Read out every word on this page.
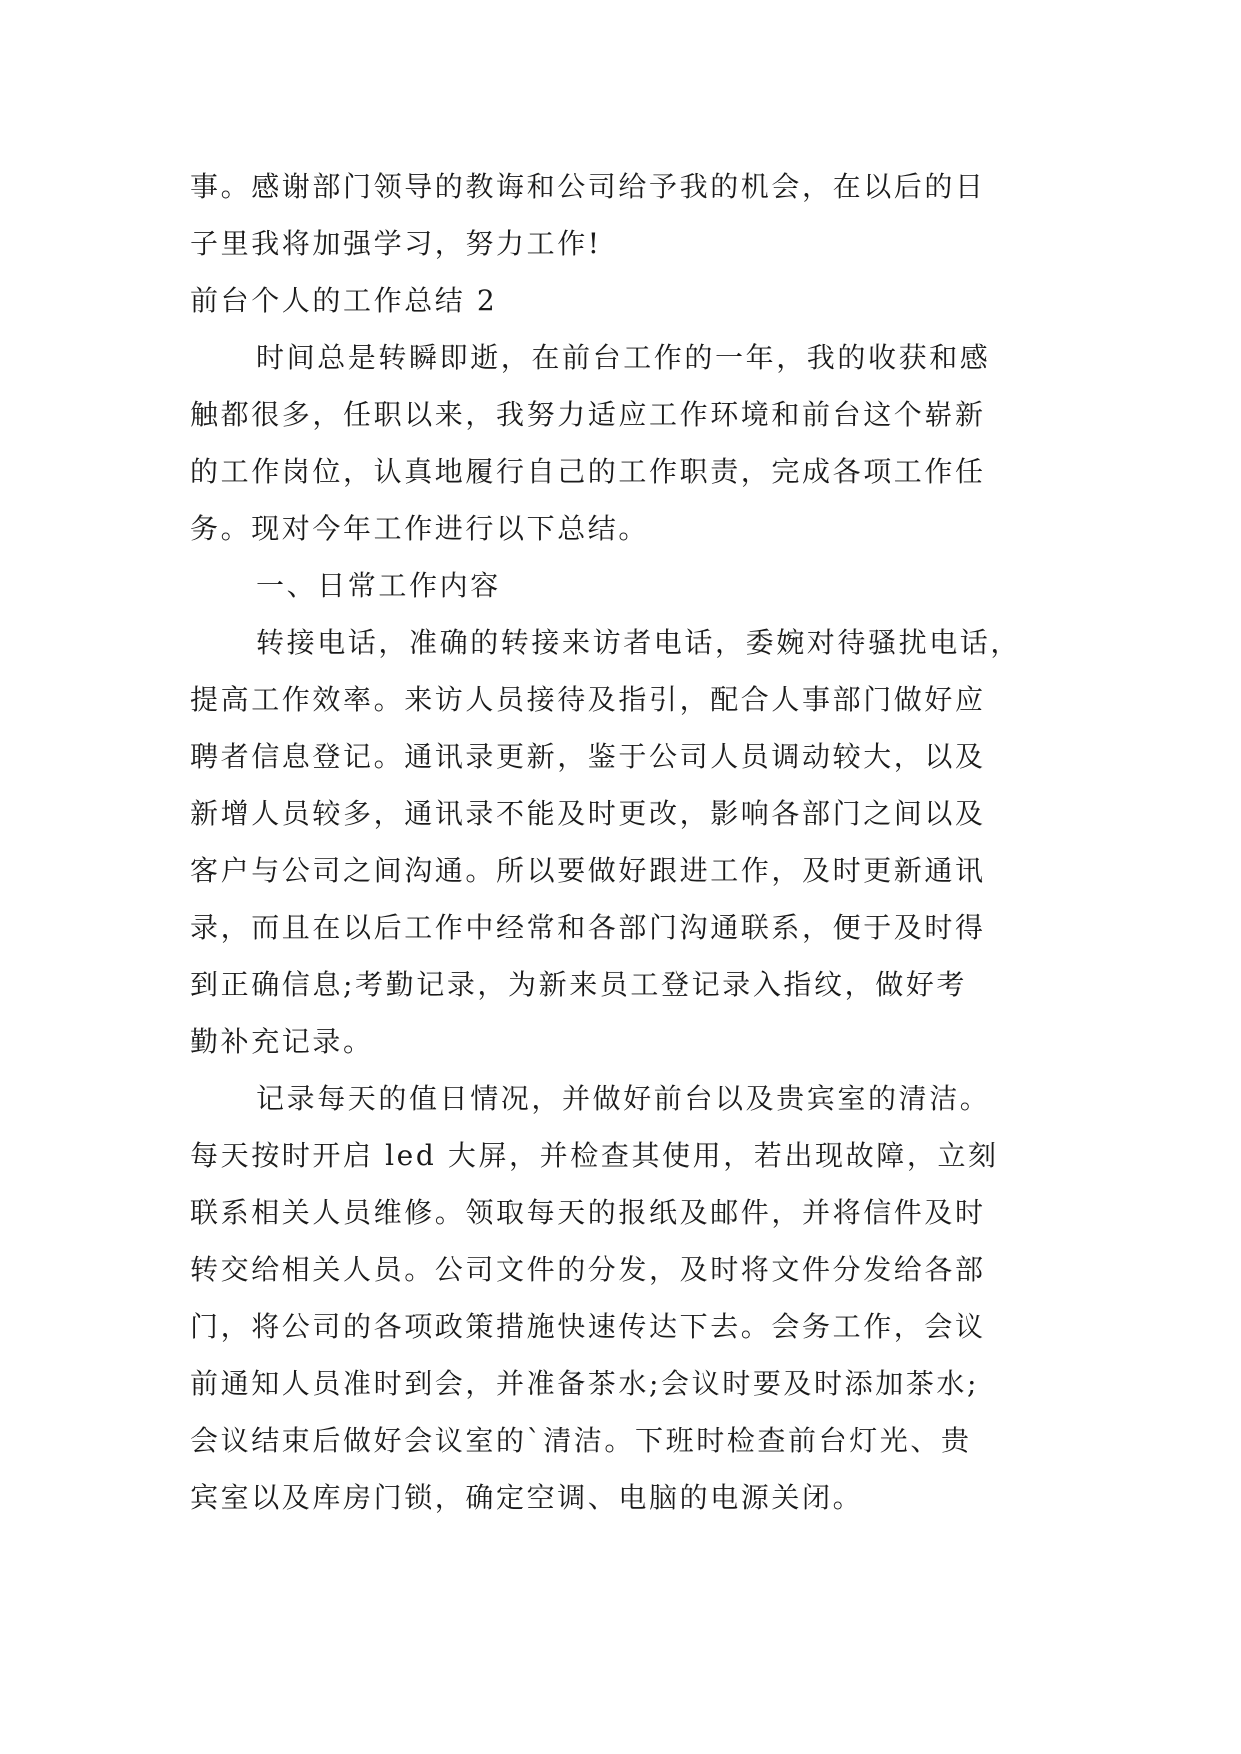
事。感谢部门领导的教诲和公司给予我的机会，在以后的日
子里我将加强学习，努力工作!
前台个人的工作总结 2
时间总是转瞬即逝，在前台工作的一年，我的收获和感
触都很多，任职以来，我努力适应工作环境和前台这个崭新
的工作岗位，认真地履行自己的工作职责，完成各项工作任
务。现对今年工作进行以下总结。
一、日常工作内容
转接电话，准确的转接来访者电话，委婉对待骚扰电话，
提高工作效率。来访人员接待及指引，配合人事部门做好应
聘者信息登记。通讯录更新，鉴于公司人员调动较大，以及
新增人员较多，通讯录不能及时更改，影响各部门之间以及
客户与公司之间沟通。所以要做好跟进工作，及时更新通讯
录，而且在以后工作中经常和各部门沟通联系，便于及时得
到正确信息;考勤记录，为新来员工登记录入指纹，做好考
勤补充记录。
记录每天的值日情况，并做好前台以及贵宾室的清洁。
每天按时开启 led 大屏，并检查其使用，若出现故障，立刻
联系相关人员维修。领取每天的报纸及邮件，并将信件及时
转交给相关人员。公司文件的分发，及时将文件分发给各部
门，将公司的各项政策措施快速传达下去。会务工作，会议
前通知人员准时到会，并准备茶水;会议时要及时添加茶水;
会议结束后做好会议室的`清洁。下班时检查前台灯光、贵
宾室以及库房门锁，确定空调、电脑的电源关闭。
